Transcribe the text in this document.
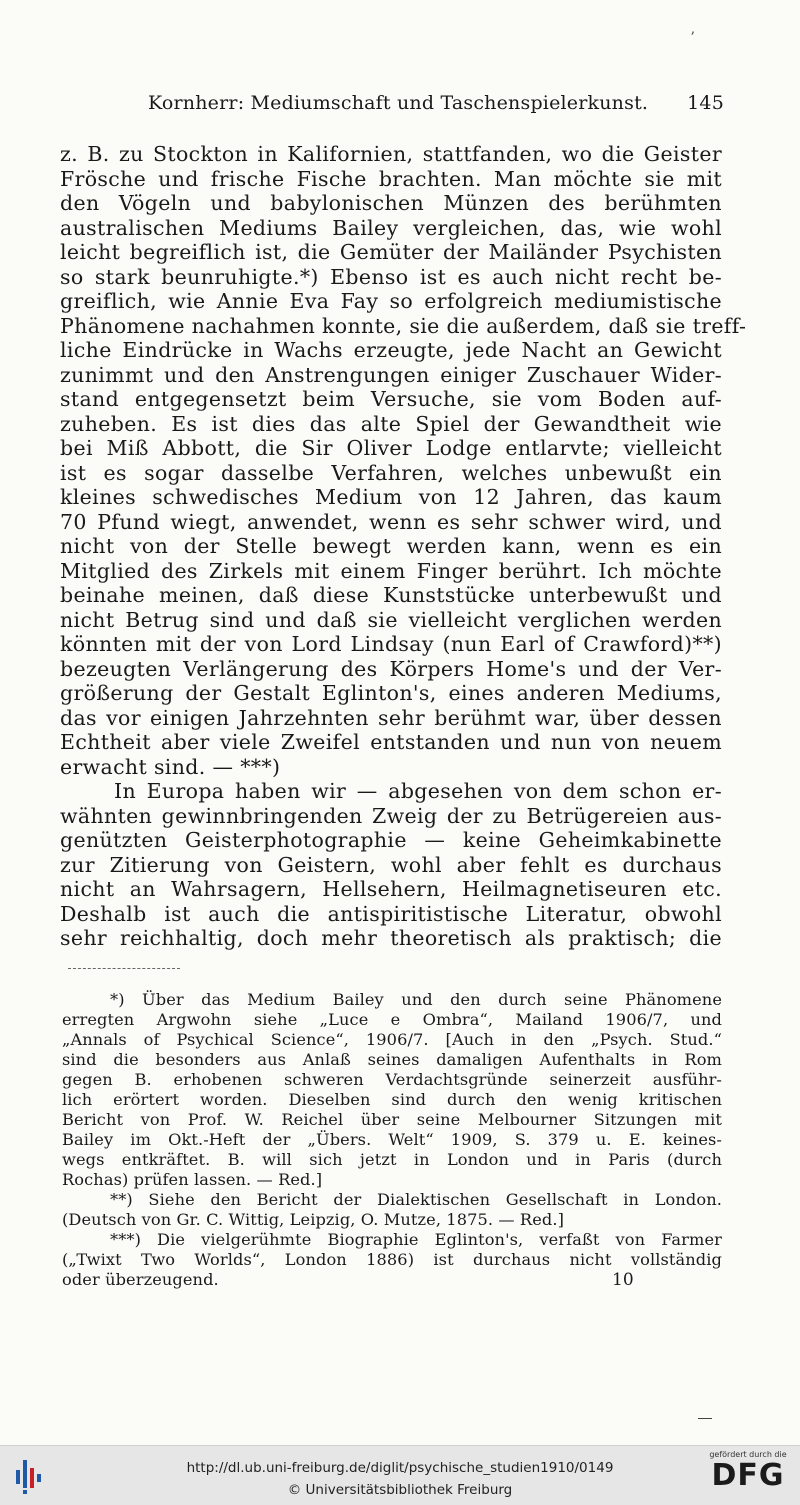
ʼ
Kornherr: Mediumschaft und Taschenspielerkunst. 145
z. B. zu Stockton in Kalifornien, stattfanden, wo die Geister
Frösche und frische Fische brachten. Man möchte sie mit
den Vögeln und babylonischen Münzen des berühmten
australischen Mediums Bailey vergleichen, das, wie wohl
leicht begreiflich ist, die Gemüter der Mailänder Psychisten
so stark beunruhigte.*) Ebenso ist es auch nicht recht be-
greiflich, wie Annie Eva Fay so erfolgreich mediumistische
Phänomene nachahmen konnte, sie die außerdem, daß sie treff-
liche Eindrücke in Wachs erzeugte, jede Nacht an Gewicht
zunimmt und den Anstrengungen einiger Zuschauer Wider-
stand entgegensetzt beim Versuche, sie vom Boden auf-
zuheben. Es ist dies das alte Spiel der Gewandtheit wie
bei Miß Abbott, die Sir Oliver Lodge entlarvte; vielleicht
ist es sogar dasselbe Verfahren, welches unbewußt ein
kleines schwedisches Medium von 12 Jahren, das kaum
70 Pfund wiegt, anwendet, wenn es sehr schwer wird, und
nicht von der Stelle bewegt werden kann, wenn es ein
Mitglied des Zirkels mit einem Finger berührt. Ich möchte
beinahe meinen, daß diese Kunststücke unterbewußt und
nicht Betrug sind und daß sie vielleicht verglichen werden
könnten mit der von Lord Lindsay (nun Earl of Crawford)**)
bezeugten Verlängerung des Körpers Home's und der Ver-
größerung der Gestalt Eglinton's, eines anderen Mediums,
das vor einigen Jahrzehnten sehr berühmt war, über dessen
Echtheit aber viele Zweifel entstanden und nun von neuem
erwacht sind. — ***)
In Europa haben wir — abgesehen von dem schon er-
wähnten gewinnbringenden Zweig der zu Betrügereien aus-
genützten Geisterphotographie — keine Geheimkabinette
zur Zitierung von Geistern, wohl aber fehlt es durchaus
nicht an Wahrsagern, Hellsehern, Heilmagnetiseuren etc.
Deshalb ist auch die antispiritistische Literatur, obwohl
sehr reichhaltig, doch mehr theoretisch als praktisch; die
*) Über das Medium Bailey und den durch seine Phänomene
erregten Argwohn siehe „Luce e Ombra“, Mailand 1906/7, und
„Annals of Psychical Science“, 1906/7. [Auch in den „Psych. Stud.“
sind die besonders aus Anlaß seines damaligen Aufenthalts in Rom
gegen B. erhobenen schweren Verdachtsgründe seinerzeit ausführ-
lich erörtert worden. Dieselben sind durch den wenig kritischen
Bericht von Prof. W. Reichel über seine Melbourner Sitzungen mit
Bailey im Okt.-Heft der „Übers. Welt“ 1909, S. 379 u. E. keines-
wegs entkräftet. B. will sich jetzt in London und in Paris (durch
Rochas) prüfen lassen. — Red.]
**) Siehe den Bericht der Dialektischen Gesellschaft in London.
(Deutsch von Gr. C. Wittig, Leipzig, O. Mutze, 1875. — Red.]
***) Die vielgerühmte Biographie Eglinton's, verfaßt von Farmer
(„Twixt Two Worlds“, London 1886) ist durchaus nicht vollständig
oder überzeugend.	10
http://dl.ub.uni-freiburg.de/diglit/psychische_studien1910/0149
© Universitätsbibliothek Freiburg
gefördert durch die
DFG
